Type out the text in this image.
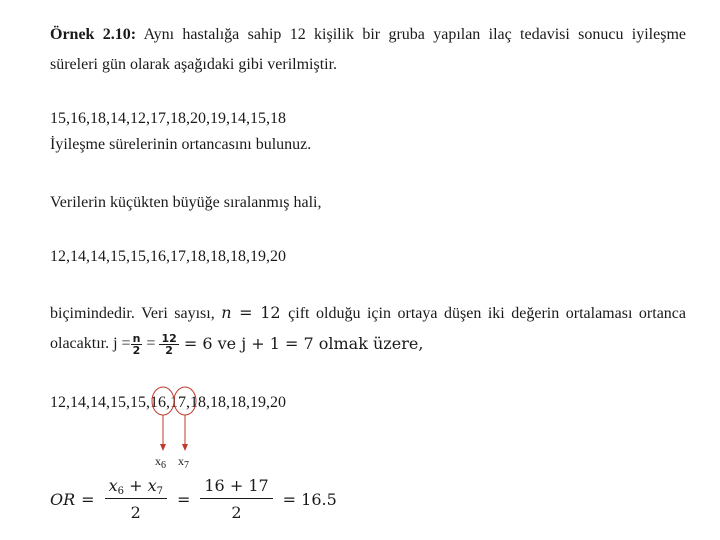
Örnek 2.10: Aynı hastalığa sahip 12 kişilik bir gruba yapılan ilaç tedavisi sonucu iyileşme
süreleri gün olarak aşağıdaki gibi verilmiştir.
15,16,18,14,12,17,18,20,19,14,15,18
İyileşme sürelerinin ortancasını bulunuz.
Verilerin küçükten büyüğe sıralanmış hali,
12,14,14,15,15,16,17,18,18,18,19,20
biçimindedir. Veri sayısı, n = 12 çift olduğu için ortaya düşen iki değerin ortalaması ortanca
olacaktır. $j = \frac{n}{2} = \frac{12}{2} = 6$ ve j + 1 = 7 olmak üzere,
12,14,14,15,15,16,17,18,18,18,19,20
$x_6$ $x_7$
OR = $\frac{x6 + x7}{2} = \frac{16 + 17}{2} = 16.5$
